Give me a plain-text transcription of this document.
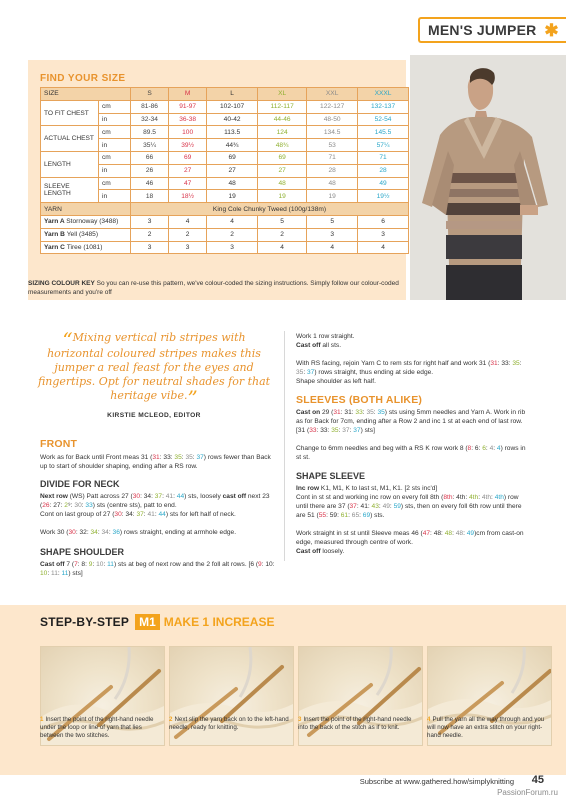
MEN'S JUMPER ✱
FIND YOUR SIZE
SIZE		S	M	L	XL	XXL	XXXL
TO FIT CHEST	cm	81-86	91-97	102-107	112-117	122-127	132-137
	in	32-34	36-38	40-42	44-46	48-50	52-54
ACTUAL CHEST	cm	89.5	100	113.5	124	134.5	145.5
	in	35¼	39½	44¾	48¾	53	57¼
LENGTH	cm	66	69	69	69	71	71
	in	26	27	27	27	28	28
SLEEVE LENGTH	cm	46	47	48	48	48	49
	in	18	18½	19	19	19	19½
YARN		King Cole Chunky Tweed (100g/138m)					
Yarn A Stornoway (3488)		3	4	4	5	5	6
Yarn B Yell (3485)		2	2	2	2	3	3
Yarn C Tiree (1081)		3	3	3	4	4	4
SIZING COLOUR KEY So you can re-use this pattern, we've colour-coded the sizing instructions. Simply follow our colour-coded measurements and you're off
“Mixing vertical rib stripes with horizontal coloured stripes makes this jumper a real feast for the eyes and fingertips. Opt for neutral shades for that heritage vibe.”
KIRSTIE MCLEOD, EDITOR
FRONT

Work as for Back until Front meas 31 (31: 33: 35: 35: 37) rows fewer than Back up to start of shoulder shaping, ending after a RS row.

DIVIDE FOR NECK

Next row (WS) Patt across 27 (30: 34: 37: 41: 44) sts, loosely cast off next 23 (26: 27: 2⁹: 30: 33) sts (centre sts), patt to end.

Cont on last group of 27 (30: 34: 37: 41: 44) sts for left half of neck.

Work 30 (30: 32: 34: 34: 36) rows straight, ending at armhole edge.

SHAPE SHOULDER

Cast off 7 (7: 8: 9: 10: 11) sts at beg of next row and the 2 foll alt rows. [6 (9: 10: 10: 11: 11) sts]

Work 1 row straight.

Cast off all sts.

With RS facing, rejoin Yarn C to rem sts for right half and work 31 (31: 33: 35: 35: 37) rows straight, thus ending at side edge.

Shape shoulder as left half.

SLEEVES (BOTH ALIKE)

Cast on 29 (31: 31: 33: 35: 35) sts using 5mm needles and Yarn A. Work in rib as for Back for 7cm, ending after a Row 2 and inc 1 st at each end of last row. [31 (33: 33: 35: 37: 37) sts]

Change to 6mm needles and beg with a RS K row work 8 (8: 6: 6: 4: 4) rows in st st.

SHAPE SLEEVE

Inc row K1, M1, K to last st, M1, K1. [2 sts inc'd]

Cont in st st and working inc row on every foll 8th (8th: 4th: 4th: 4th: 4th) row until there are 37 (37: 41: 43: 49: 59) sts, then on every foll 6th row until there are 51 (55: 59: 61: 65: 69) sts.

Work straight in st st until Sleeve meas 46 (47: 48: 48: 48: 49)cm from cast-on edge, measured through centre of work.

Cast off loosely.

STEP-BY-STEP M1 MAKE 1 INCREASE
1 Insert the point of the right-hand needle under the loop or line of yarn that lies between the two stitches.
2 Next slip the yarn back on to the left-hand needle, ready for knitting.
3 Insert the point of the right-hand needle into the back of the stitch as if to knit.
4 Pull the yarn all the way through and you will now have an extra stitch on your right-hand needle.
Subscribe at www.gathered.how/simplyknitting 45
PassionForum.ru
